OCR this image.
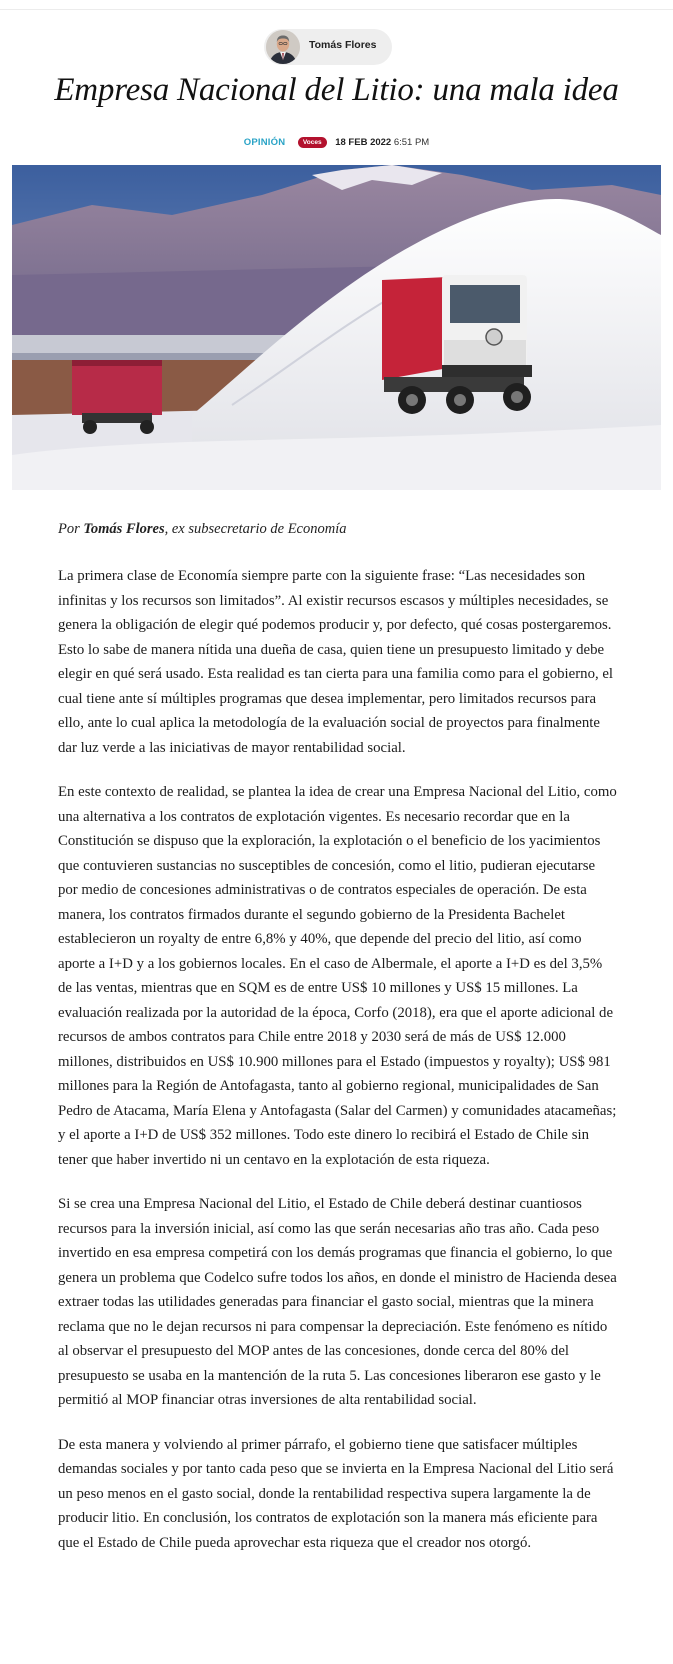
Tomás Flores
Empresa Nacional del Litio: una mala idea
OPINIÓN	Voces 18 FEB 2022 6:51 PM

Por Tomás Flores, ex subsecretario de Economía

La primera clase de Economía siempre parte con la siguiente frase: “Las necesidades son infinitas y los recursos son limitados”. Al existir recursos escasos y múltiples necesidades, se genera la obligación de elegir qué podemos producir y, por defecto, qué cosas postergaremos. Esto lo sabe de manera nítida una dueña de casa, quien tiene un presupuesto limitado y debe elegir en qué será usado. Esta realidad es tan cierta para una familia como para el gobierno, el cual tiene ante sí múltiples programas que desea implementar, pero limitados recursos para ello, ante lo cual aplica la metodología de la evaluación social de proyectos para finalmente dar luz verde a las iniciativas de mayor rentabilidad social.

En este contexto de realidad, se plantea la idea de crear una Empresa Nacional del Litio, como una alternativa a los contratos de explotación vigentes. Es necesario recordar que en la Constitución se dispuso que la exploración, la explotación o el beneficio de los yacimientos que contuvieren sustancias no susceptibles de concesión, como el litio, pudieran ejecutarse por medio de concesiones administrativas o de contratos especiales de operación. De esta manera, los contratos firmados durante el segundo gobierno de la Presidenta Bachelet establecieron un royalty de entre 6,8% y 40%, que depende del precio del litio, así como aporte a I+D y a los gobiernos locales. En el caso de Albermale, el aporte a I+D es del 3,5% de las ventas, mientras que en SQM es de entre US$ 10 millones y US$ 15 millones. La evaluación realizada por la autoridad de la época, Corfo (2018), era que el aporte adicional de recursos de ambos contratos para Chile entre 2018 y 2030 será de más de US$ 12.000 millones, distribuidos en US$ 10.900 millones para el Estado (impuestos y royalty); US$ 981 millones para la Región de Antofagasta, tanto al gobierno regional, municipalidades de San Pedro de Atacama, María Elena y Antofagasta (Salar del Carmen) y comunidades atacameñas; y el aporte a I+D de US$ 352 millones. Todo este dinero lo recibirá el Estado de Chile sin tener que haber invertido ni un centavo en la explotación de esta riqueza.

Si se crea una Empresa Nacional del Litio, el Estado de Chile deberá destinar cuantiosos recursos para la inversión inicial, así como las que serán necesarias año tras año. Cada peso invertido en esa empresa competirá con los demás programas que financia el gobierno, lo que genera un problema que Codelco sufre todos los años, en donde el ministro de Hacienda desea extraer todas las utilidades generadas para financiar el gasto social, mientras que la minera reclama que no le dejan recursos ni para compensar la depreciación. Este fenómeno es nítido al observar el presupuesto del MOP antes de las concesiones, donde cerca del 80% del presupuesto se usaba en la mantención de la ruta 5. Las concesiones liberaron ese gasto y le permitió al MOP financiar otras inversiones de alta rentabilidad social.

De esta manera y volviendo al primer párrafo, el gobierno tiene que satisfacer múltiples demandas sociales y por tanto cada peso que se invierta en la Empresa Nacional del Litio será un peso menos en el gasto social, donde la rentabilidad respectiva supera largamente la de producir litio. En conclusión, los contratos de explotación son la manera más eficiente para que el Estado de Chile pueda aprovechar esta riqueza que el creador nos otorgó.
